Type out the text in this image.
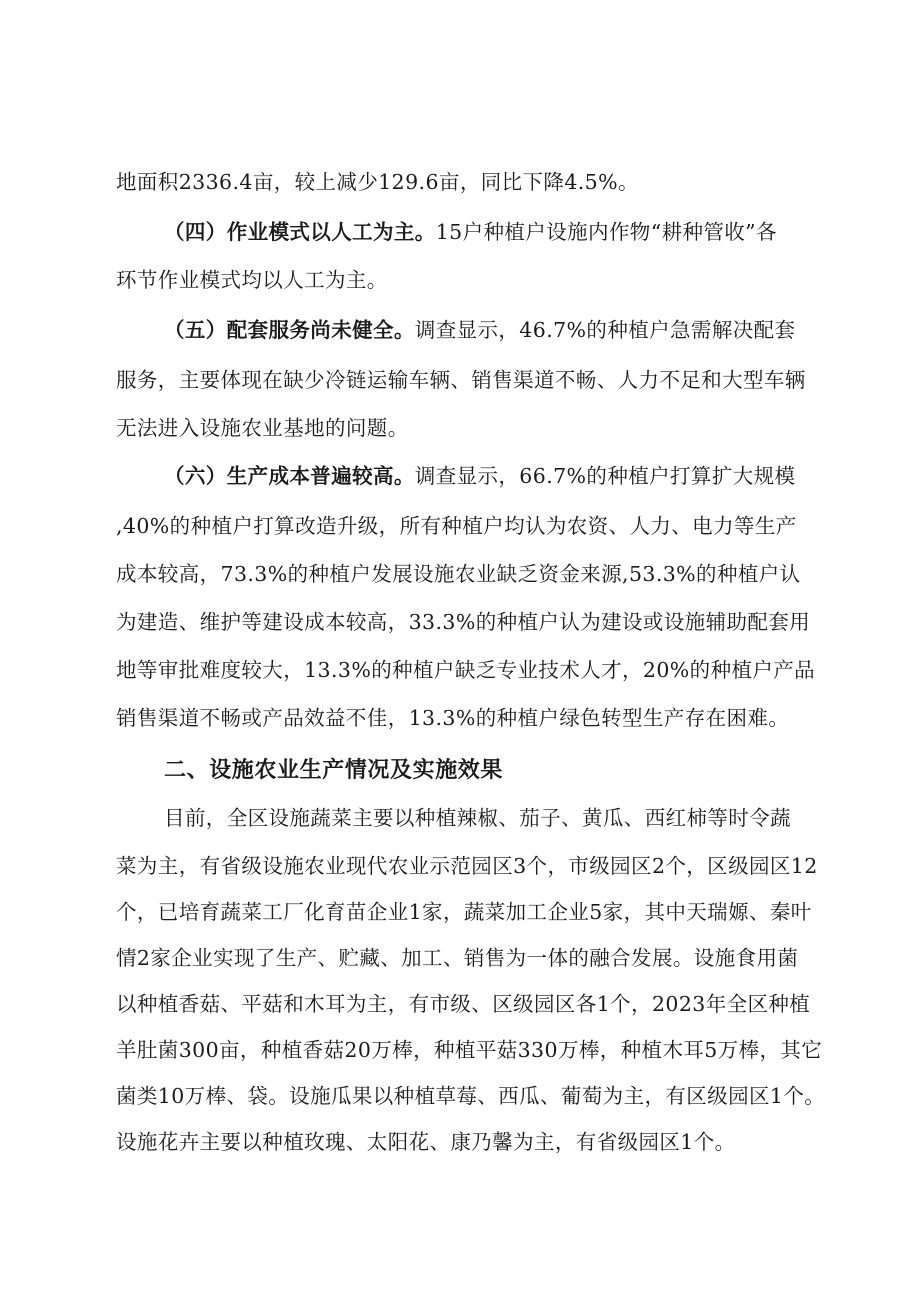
地面积2336.4亩，较上减少129.6亩，同比下降4.5%。
（四）作业模式以人工为主。15户种植户设施内作物“耕种管收”各
环节作业模式均以人工为主。
（五）配套服务尚未健全。调查显示，46.7%的种植户急需解决配套
服务，主要体现在缺少冷链运输车辆、销售渠道不畅、人力不足和大型车辆
无法进入设施农业基地的问题。
（六）生产成本普遍较高。调查显示，66.7%的种植户打算扩大规模
,40%的种植户打算改造升级，所有种植户均认为农资、人力、电力等生产
成本较高，73.3%的种植户发展设施农业缺乏资金来源,53.3%的种植户认
为建造、维护等建设成本较高，33.3%的种植户认为建设或设施辅助配套用
地等审批难度较大，13.3%的种植户缺乏专业技术人才，20%的种植户产品
销售渠道不畅或产品效益不佳，13.3%的种植户绿色转型生产存在困难。
二、设施农业生产情况及实施效果
目前，全区设施蔬菜主要以种植辣椒、茄子、黄瓜、西红柿等时令蔬
菜为主，有省级设施农业现代农业示范园区3个，市级园区2个，区级园区12
个，已培育蔬菜工厂化育苗企业1家，蔬菜加工企业5家，其中天瑞嫄、秦叶
情2家企业实现了生产、贮藏、加工、销售为一体的融合发展。设施食用菌
以种植香菇、平菇和木耳为主，有市级、区级园区各1个，2023年全区种植
羊肚菌300亩，种植香菇20万棒，种植平菇330万棒，种植木耳5万棒，其它
菌类10万棒、袋。设施瓜果以种植草莓、西瓜、葡萄为主，有区级园区1个。
设施花卉主要以种植玫瑰、太阳花、康乃馨为主，有省级园区1个。
